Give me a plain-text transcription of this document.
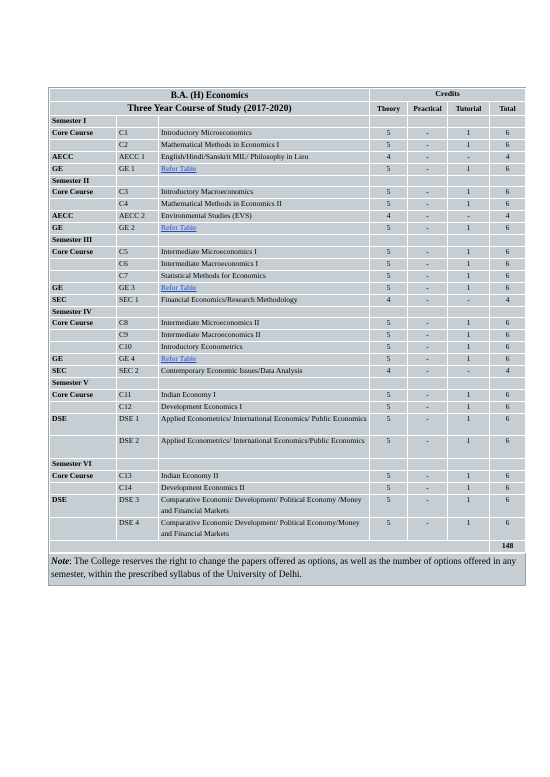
B.A. (H) Economics			Credits			
Three Year Course of Study (2017-2020)			Theory	Practical	Tutorial	Total
Semester I						
Core Course	C1	Introductory Microeconomics	5	-	1	6
	C2	Mathematical Methods in Economics I	5	-	1	6
AECC	AECC 1	English/Hindi/Sanskrit MIL/ Philosophy in Lieu	4	-	-	4
GE	GE 1	Refer Table	5	-	1	6
Semester II						
Core Course	C3	Introductory Macroeconomics	5	-	1	6
	C4	Mathematical Methods in Economics II	5	-	1	6
AECC	AECC 2	Environmental Studies (EVS)	4	-	-	4
GE	GE 2	Refer Table	5	-	1	6
Semester III						
Core Course	C5	Intermediate Microeconomics I	5	-	1	6
	C6	Intermediate Macroeconomics I	5	-	1	6
	C7	Statistical Methods for Economics	5	-	1	6
GE	GE 3	Refer Table	5	-	1	6
SEC	SEC 1	Financial Economics/Research Methodology	4	-	-	4
Semester IV						
Core Course	C8	Intermediate Microeconomics II	5	-	1	6
	C9	Intermediate Macroeconomics II	5	-	1	6
	C10	Introductory Econometrics	5	-	1	6
GE	GE 4	Refer Table	5	-	1	6
SEC	SEC 2	Contemporary Economic Issues/Data Analysis	4	-	-	4
Semester V						
Core Course	C11	Indian Economy I	5	-	1	6
	C12	Development Economics I	5	-	1	6
DSE	DSE 1	Applied Econometrics/ International Economics/ Public Economics	5	-	1	6
	DSE 2	Applied Econometrics/ International Economics/Public Economics	5	-	1	6
Semester VI						
Core Course	C13	Indian Economy II	5	-	1	6
	C14	Development Economics II	5	-	1	6
DSE	DSE 3	Comparative Economic Development/ Political Economy /Money and Financial Markets	5	-	1	6
	DSE 4	Comparative Economic Development/ Political Economy/Money and Financial Markets	5	-	1	6
						148
Note: The College reserves the right to change the papers offered as options, as well as the number of options offered in any semester, within the prescribed syllabus of the University of Delhi.
